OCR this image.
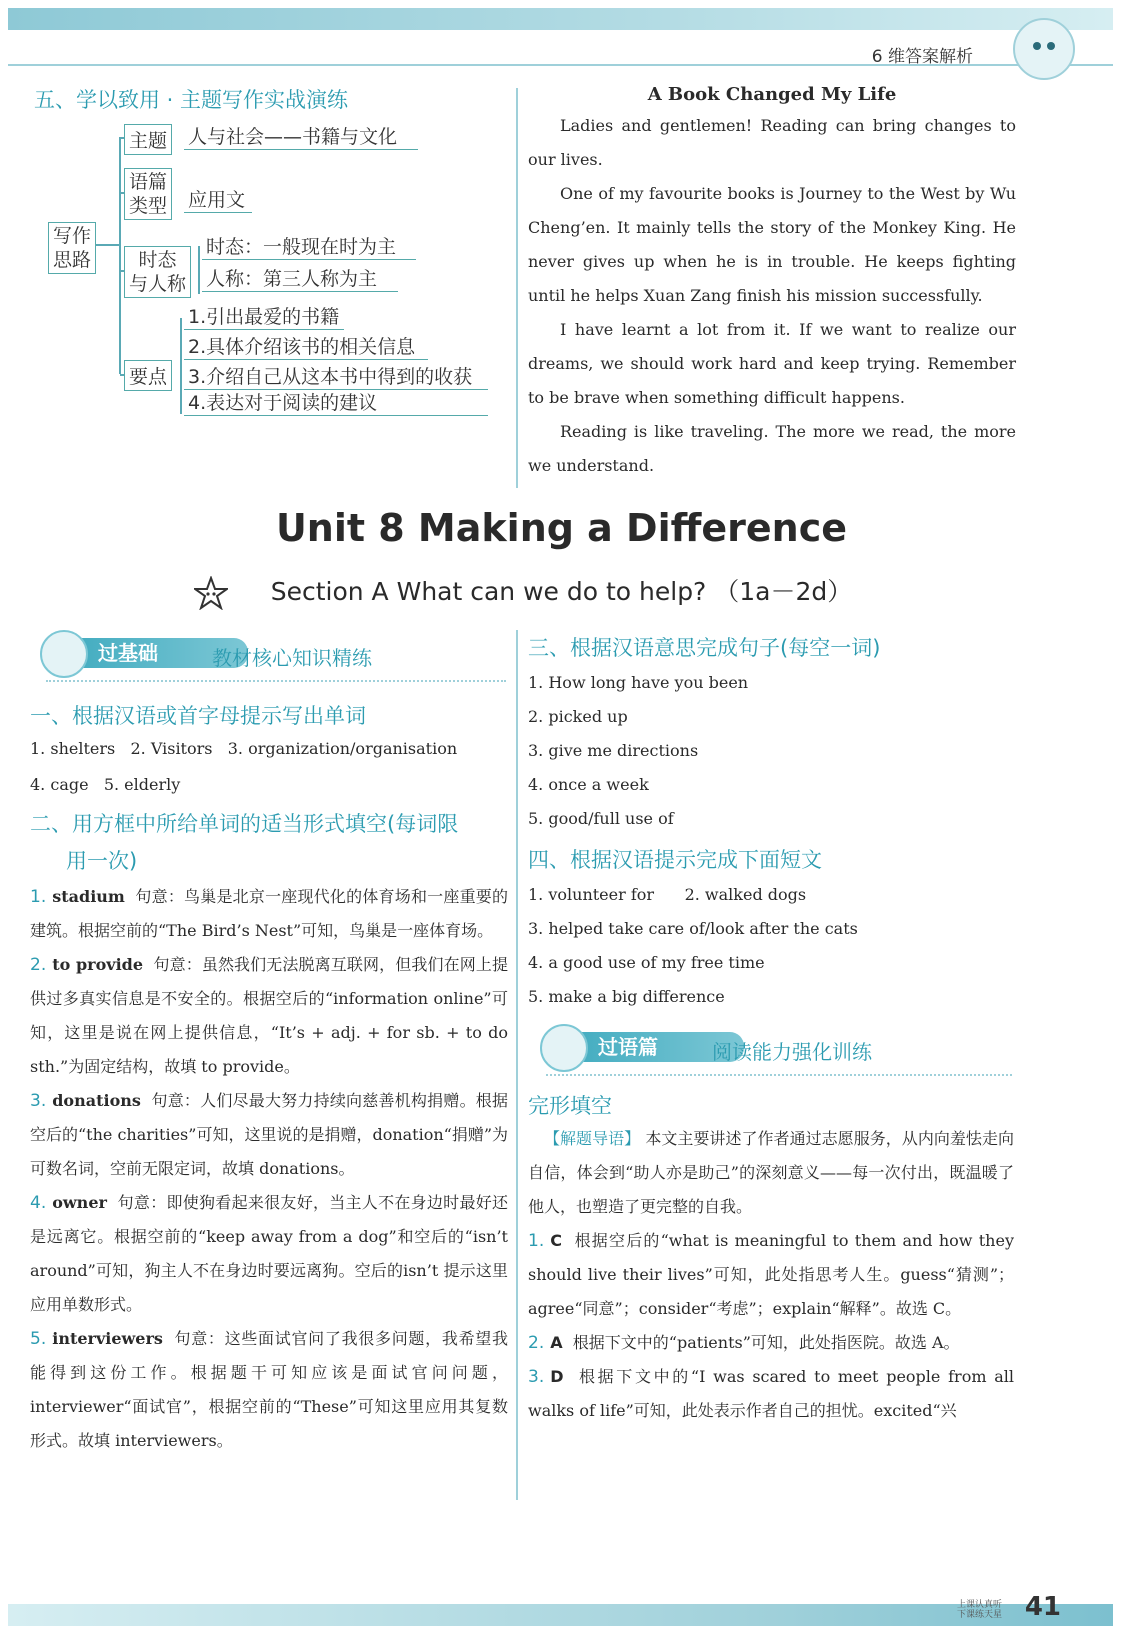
6 维答案解析
五、学以致用 · 主题写作实战演练
写作
思路
主题 人与社会——书籍与文化
语篇
类型 应用文
时态
与人称
时态：一般现在时为主
人称：第三人称为主
要点
1.引出最爱的书籍
2.具体介绍该书的相关信息
3.介绍自己从这本书中得到的收获
4.表达对于阅读的建议
A Book Changed My Life
Ladies and gentlemen! Reading can bring changes to our lives.
One of my favourite books is Journey to the West by Wu Cheng’en. It mainly tells the story of the Monkey King. He never gives up when he is in trouble. He keeps fighting until he helps Xuan Zang finish his mission successfully.
I have learnt a lot from it. If we want to realize our dreams, we should work hard and keep trying. Remember to be brave when something difficult happens.
Reading is like traveling. The more we read, the more we understand.
Unit 8 Making a Difference
Section A What can we do to help? （1a－2d）
过基础	教材核心知识精练
一、根据汉语或首字母提示写出单词
1. shelters 2. Visitors 3. organization/organisation
4. cage 5. elderly
二、用方框中所给单词的适当形式填空(每词限
用一次)
1. stadium 句意：鸟巢是北京一座现代化的体育场和一座重要的建筑。根据空前的“The Bird’s Nest”可知，鸟巢是一座体育场。
2. to provide 句意：虽然我们无法脱离互联网，但我们在网上提供过多真实信息是不安全的。根据空后的“information online”可知，这里是说在网上提供信息，“It’s + adj. + for sb. + to do sth.”为固定结构，故填 to provide。
3. donations 句意：人们尽最大努力持续向慈善机构捐赠。根据空后的“the charities”可知，这里说的是捐赠，donation“捐赠”为可数名词，空前无限定词，故填 donations。
4. owner 句意：即使狗看起来很友好，当主人不在身边时最好还是远离它。根据空前的“keep away from a dog”和空后的“isn’t around”可知，狗主人不在身边时要远离狗。空后的isn’t 提示这里应用单数形式。
5. interviewers 句意：这些面试官问了我很多问题，我希望我能得到这份工作。根据题干可知应该是面试官问问题，interviewer“面试官”，根据空前的“These”可知这里应用其复数形式。故填 interviewers。
三、根据汉语意思完成句子(每空一词)
1. How long have you been
2. picked up
3. give me directions
4. once a week
5. good/full use of
四、根据汉语提示完成下面短文
1. volunteer for 2. walked dogs
3. helped take care of/look after the cats
4. a good use of my free time
5. make a big difference
过语篇	阅读能力强化训练
完形填空
【解题导语】 本文主要讲述了作者通过志愿服务，从内向羞怯走向自信，体会到“助人亦是助己”的深刻意义——每一次付出，既温暖了他人，也塑造了更完整的自我。
1. C 根据空后的“what is meaningful to them and how they should live their lives”可知，此处指思考人生。guess“猜测”；agree“同意”；consider“考虑”；explain“解释”。故选 C。
2. A 根据下文中的“patients”可知，此处指医院。故选 A。
3. D 根据下文中的“I was scared to meet people from all walks of life”可知，此处表示作者自己的担忧。excited“兴
上课认真听 下课练天星 41
